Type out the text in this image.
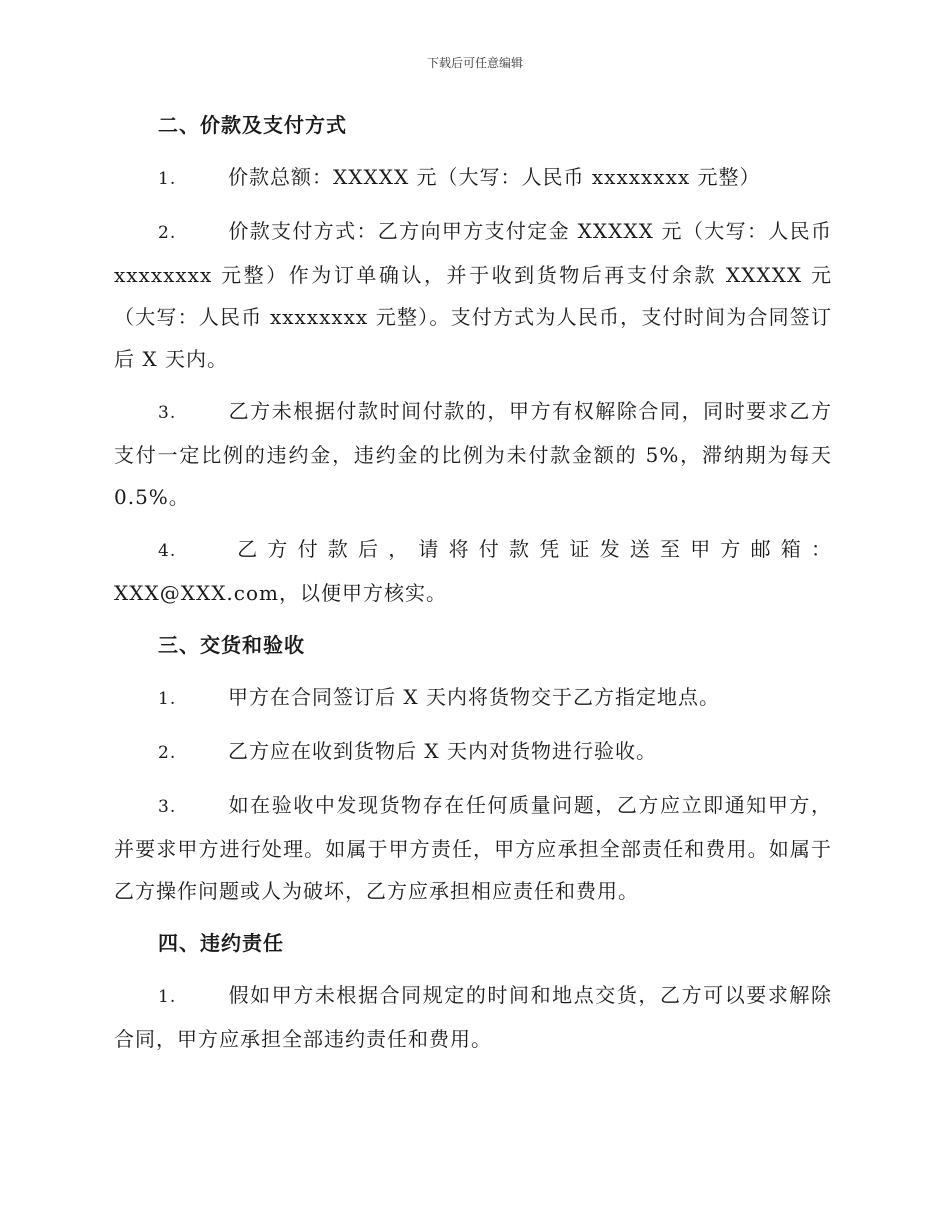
下载后可任意编辑
二、价款及支付方式

1.	价款总额：XXXXX 元（大写：人民币 xxxxxxxx 元整）

2.	价款支付方式：乙方向甲方支付定金 XXXXX 元（大写：人民币 xxxxxxxx 元整）作为订单确认，并于收到货物后再支付余款 XXXXX 元（大写：人民币 xxxxxxxx 元整）。支付方式为人民币，支付时间为合同签订后 X 天内。

3.	乙方未根据付款时间付款的，甲方有权解除合同，同时要求乙方支付一定比例的违约金，违约金的比例为未付款金额的 5%，滞纳期为每天 0.5%。

4.	乙方付款后，请将付款凭证发送至甲方邮箱：XXX@XXX.com，以便甲方核实。

三、交货和验收

1.	甲方在合同签订后 X 天内将货物交于乙方指定地点。

2.	乙方应在收到货物后 X 天内对货物进行验收。

3.	如在验收中发现货物存在任何质量问题，乙方应立即通知甲方，并要求甲方进行处理。如属于甲方责任，甲方应承担全部责任和费用。如属于乙方操作问题或人为破坏，乙方应承担相应责任和费用。

四、违约责任

1.	假如甲方未根据合同规定的时间和地点交货，乙方可以要求解除合同，甲方应承担全部违约责任和费用。
